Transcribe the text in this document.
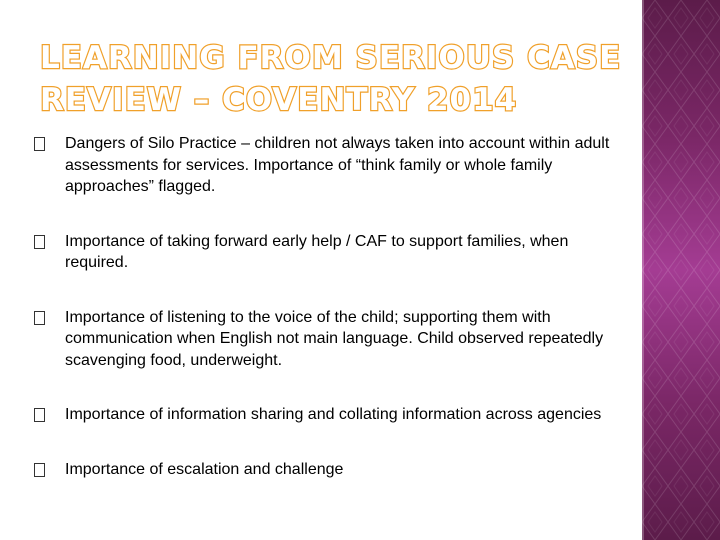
LEARNING FROM SERIOUS CASE
REVIEW – COVENTRY 2014
Dangers of Silo Practice – children not always taken into account within adult assessments for services. Importance of “think family or whole family approaches” flagged.
Importance of taking forward early help / CAF to support families, when required.
Importance of listening to the voice of the child; supporting them with communication when English not main language. Child observed repeatedly scavenging food, underweight.
Importance of information sharing and collating information across agencies
Importance of escalation and challenge
